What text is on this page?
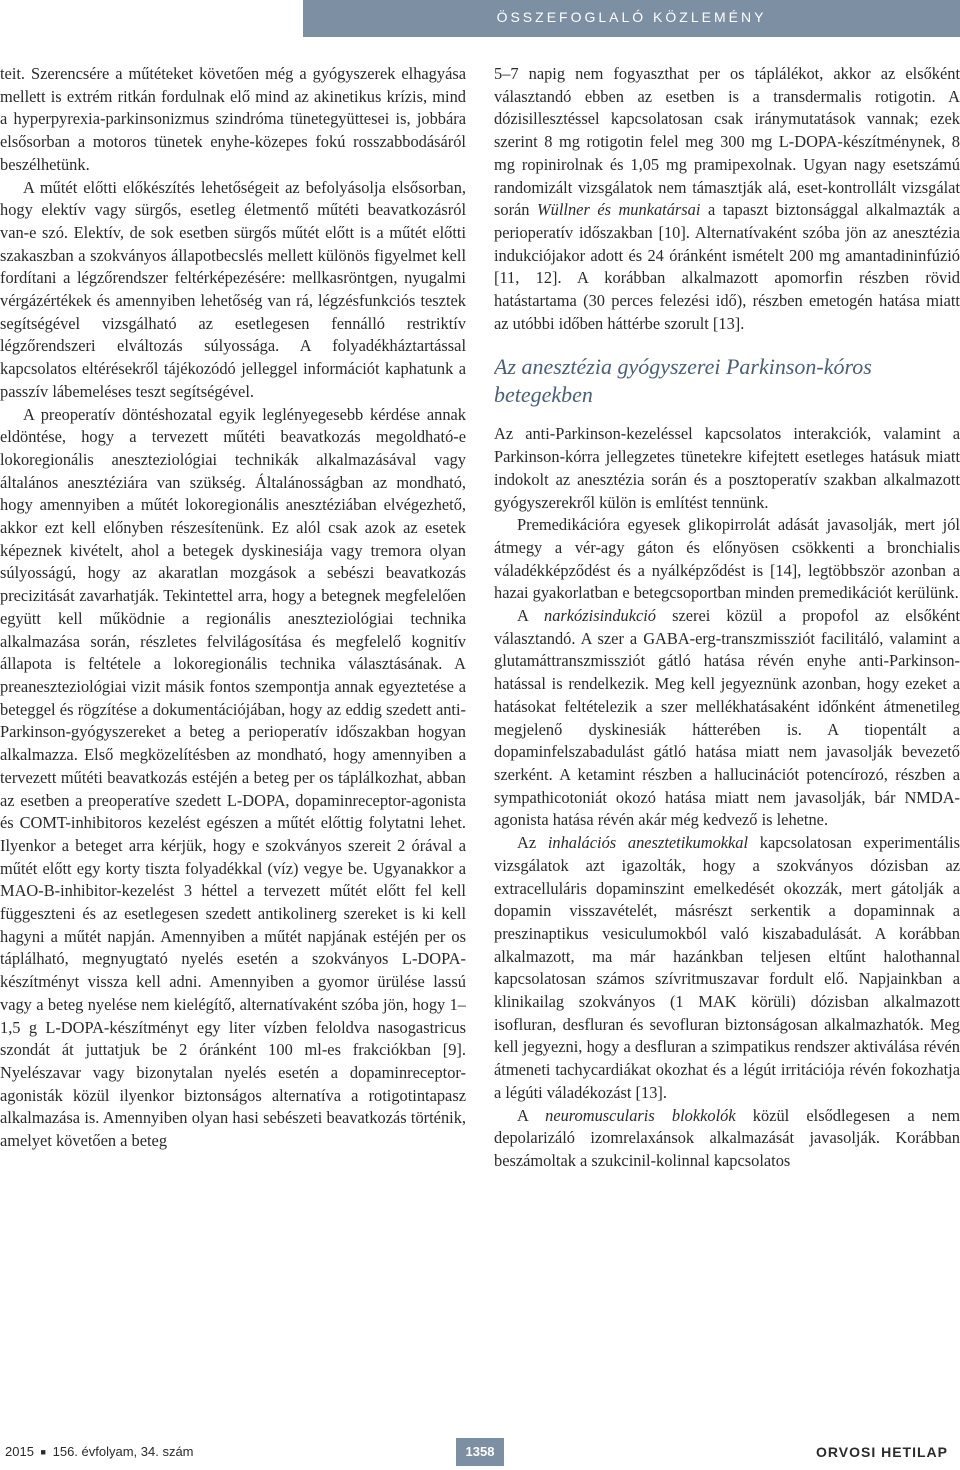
ÖSSZEFOGLALÓ KÖZLEMÉNY

teit. Szerencsére a műtéteket követően még a gyógyszerek elhagyása mellett is extrém ritkán fordulnak elő mind az akinetikus krízis, mind a hyperpyrexia-parkinsonizmus szindróma tünetegyüttesei is, jobbára elsősorban a motoros tünetek enyhe-közepes fokú rosszabbodásáról beszélhetünk.

A műtét előtti előkészítés lehetőségeit az befolyásolja elsősorban, hogy elektív vagy sürgős, esetleg életmentő műtéti beavatkozásról van-e szó. Elektív, de sok esetben sürgős műtét előtt is a műtét előtti szakaszban a szokványos állapotbecslés mellett különös figyelmet kell fordítani a légzőrendszer feltérképezésére: mellkasröntgen, nyugalmi vérgázértékek és amennyiben lehetőség van rá, légzésfunkciós tesztek segítségével vizsgálható az esetlegesen fennálló restriktív légzőrendszeri elváltozás súlyossága. A folyadékháztartással kapcsolatos eltérésekről tájékozódó jelleggel információt kaphatunk a passzív lábemeléses teszt segítségével.

A preoperatív döntéshozatal egyik leglényegesebb kérdése annak eldöntése, hogy a tervezett műtéti beavatkozás megoldható-e lokoregionális aneszteziológiai technikák alkalmazásával vagy általános anesztéziára van szükség. Általánosságban az mondható, hogy amennyiben a műtét lokoregionális anesztéziában elvégezhető, akkor ezt kell előnyben részesítenünk. Ez alól csak azok az esetek képeznek kivételt, ahol a betegek dyskinesiája vagy tremora olyan súlyosságú, hogy az akaratlan mozgások a sebészi beavatkozás precizitását zavarhatják. Tekintettel arra, hogy a betegnek megfelelően együtt kell működnie a regionális aneszteziológiai technika alkalmazása során, részletes felvilágosítása és megfelelő kognitív állapota is feltétele a lokoregionális technika választásának. A preaneszteziológiai vizit másik fontos szempontja annak egyeztetése a beteggel és rögzítése a dokumentációjában, hogy az eddig szedett anti-Parkinson-gyógyszereket a beteg a perioperatív időszakban hogyan alkalmazza. Első megközelítésben az mondható, hogy amennyiben a tervezett műtéti beavatkozás estéjén a beteg per os táplálkozhat, abban az esetben a preoperatíve szedett L-DOPA, dopaminreceptor-agonista és COMT-inhibitoros kezelést egészen a műtét előttig folytatni lehet. Ilyenkor a beteget arra kérjük, hogy e szokványos szereit 2 órával a műtét előtt egy korty tiszta folyadékkal (víz) vegye be. Ugyanakkor a MAO-B-inhibitor-kezelést 3 héttel a tervezett műtét előtt fel kell függeszteni és az esetlegesen szedett antikolinerg szereket is ki kell hagyni a műtét napján. Amennyiben a műtét napjának estéjén per os táplálható, megnyugtató nyelés esetén a szokványos L-DOPA-készítményt vissza kell adni. Amennyiben a gyomor ürülése lassú vagy a beteg nyelése nem kielégítő, alternatívaként szóba jön, hogy 1–1,5 g L-DOPA-készítményt egy liter vízben feloldva nasogastricus szondát át juttatjuk be 2 óránként 100 ml-es frakciókban [9]. Nyelészavar vagy bizonytalan nyelés esetén a dopaminreceptor-agonisták közül ilyenkor biztonságos alternatíva a rotigotintapasz alkalmazása is. Amennyiben olyan hasi sebészeti beavatkozás történik, amelyet követően a beteg

5–7 napig nem fogyaszthat per os táplálékot, akkor az elsőként választandó ebben az esetben is a transdermalis rotigotin. A dózisillesztéssel kapcsolatosan csak iránymutatások vannak; ezek szerint 8 mg rotigotin felel meg 300 mg L-DOPA-készítménynek, 8 mg ropinirolnak és 1,05 mg pramipexolnak. Ugyan nagy esetszámú randomizált vizsgálatok nem támasztják alá, eset-kontrollált vizsgálat során Wüllner és munkatársai a tapaszt biztonsággal alkalmazták a perioperatív időszakban [10]. Alternatívaként szóba jön az anesztézia indukciójakor adott és 24 óránként ismételt 200 mg amantadininfúzió [11, 12]. A korábban alkalmazott apomorfin részben rövid hatástartama (30 perces felezési idő), részben emetogén hatása miatt az utóbbi időben háttérbe szorult [13].

Az anesztézia gyógyszerei Parkinson-kóros betegekben

Az anti-Parkinson-kezeléssel kapcsolatos interakciók, valamint a Parkinson-kórra jellegzetes tünetekre kifejtett esetleges hatásuk miatt indokolt az anesztézia során és a posztoperatív szakban alkalmazott gyógyszerekről külön is említést tennünk.

Premedikációra egyesek glikopirrolát adását javasolják, mert jól átmegy a vér-agy gáton és előnyösen csökkenti a bronchialis váladékképződést és a nyálképződést is [14], legtöbbször azonban a hazai gyakorlatban e betegcsoportban minden premedikációt kerülünk.

A narkózisindukció szerei közül a propofol az elsőként választandó. A szer a GABA-erg-transzmissziót facilitáló, valamint a glutamáttranszmissziót gátló hatása révén enyhe anti-Parkinson-hatással is rendelkezik. Meg kell jegyeznünk azonban, hogy ezeket a hatásokat feltételezik a szer mellékhatásaként időnként átmenetileg megjelenő dyskinesiák hátterében is. A tiopentált a dopaminfelszabadulást gátló hatása miatt nem javasolják bevezető szerként. A ketamint részben a hallucinációt potencírozó, részben a sympathicotoniát okozó hatása miatt nem javasolják, bár NMDA-agonista hatása révén akár még kedvező is lehetne.

Az inhalációs anesztetikumokkal kapcsolatosan experimentális vizsgálatok azt igazolták, hogy a szokványos dózisban az extracelluláris dopaminszint emelkedését okozzák, mert gátolják a dopamin visszavételét, másrészt serkentik a dopaminnak a preszinaptikus vesiculumokból való kiszabadulását. A korábban alkalmazott, ma már hazánkban teljesen eltűnt halothannal kapcsolatosan számos szívritmuszavar fordult elő. Napjainkban a klinikailag szokványos (1 MAK körüli) dózisban alkalmazott isofluran, desfluran és sevofluran biztonságosan alkalmazhatók. Meg kell jegyezni, hogy a desfluran a szimpatikus rendszer aktiválása révén átmeneti tachycardiákat okozhat és a légút irritációja révén fokozhatja a légúti váladékozást [13].

A neuromuscularis blokkolók közül elsődlegesen a nem depolarizáló izomrelaxánsok alkalmazását javasolják. Korábban beszámoltak a szukcinil-kolinnal kapcsolatos

2015 ■ 156. évfolyam, 34. szám	1358	ORVOSI HETILAP
